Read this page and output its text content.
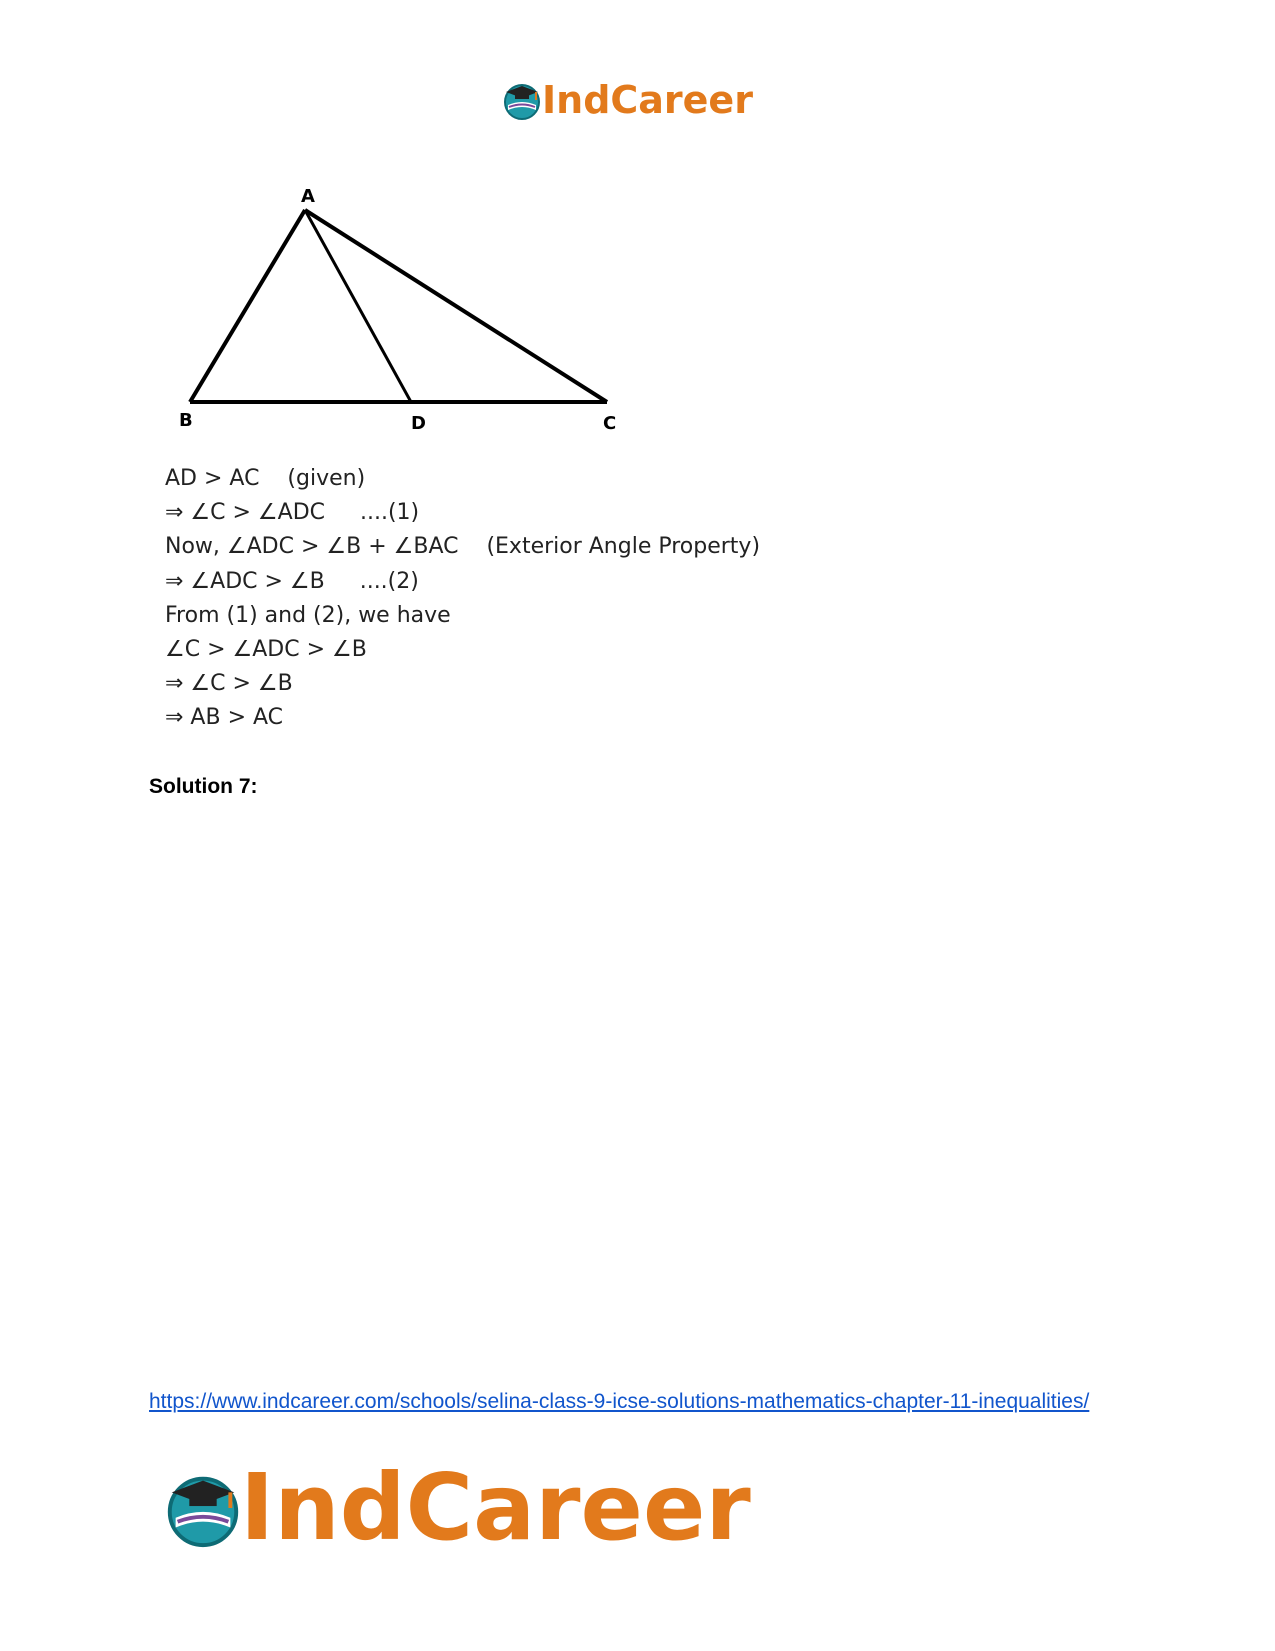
IndCareer
A
B	D	C
AD > AC    (given)
⇒ ∠C > ∠ADC     ....(1)
Now, ∠ADC > ∠B + ∠BAC    (Exterior Angle Property)
⇒ ∠ADC > ∠B     ....(2)
From (1) and (2), we have
∠C > ∠ADC > ∠B
⇒ ∠C > ∠B
⇒ AB > AC
Solution 7:
https://www.indcareer.com/schools/selina-class-9-icse-solutions-mathematics-chapter-11-inequalities/
IndCareer
